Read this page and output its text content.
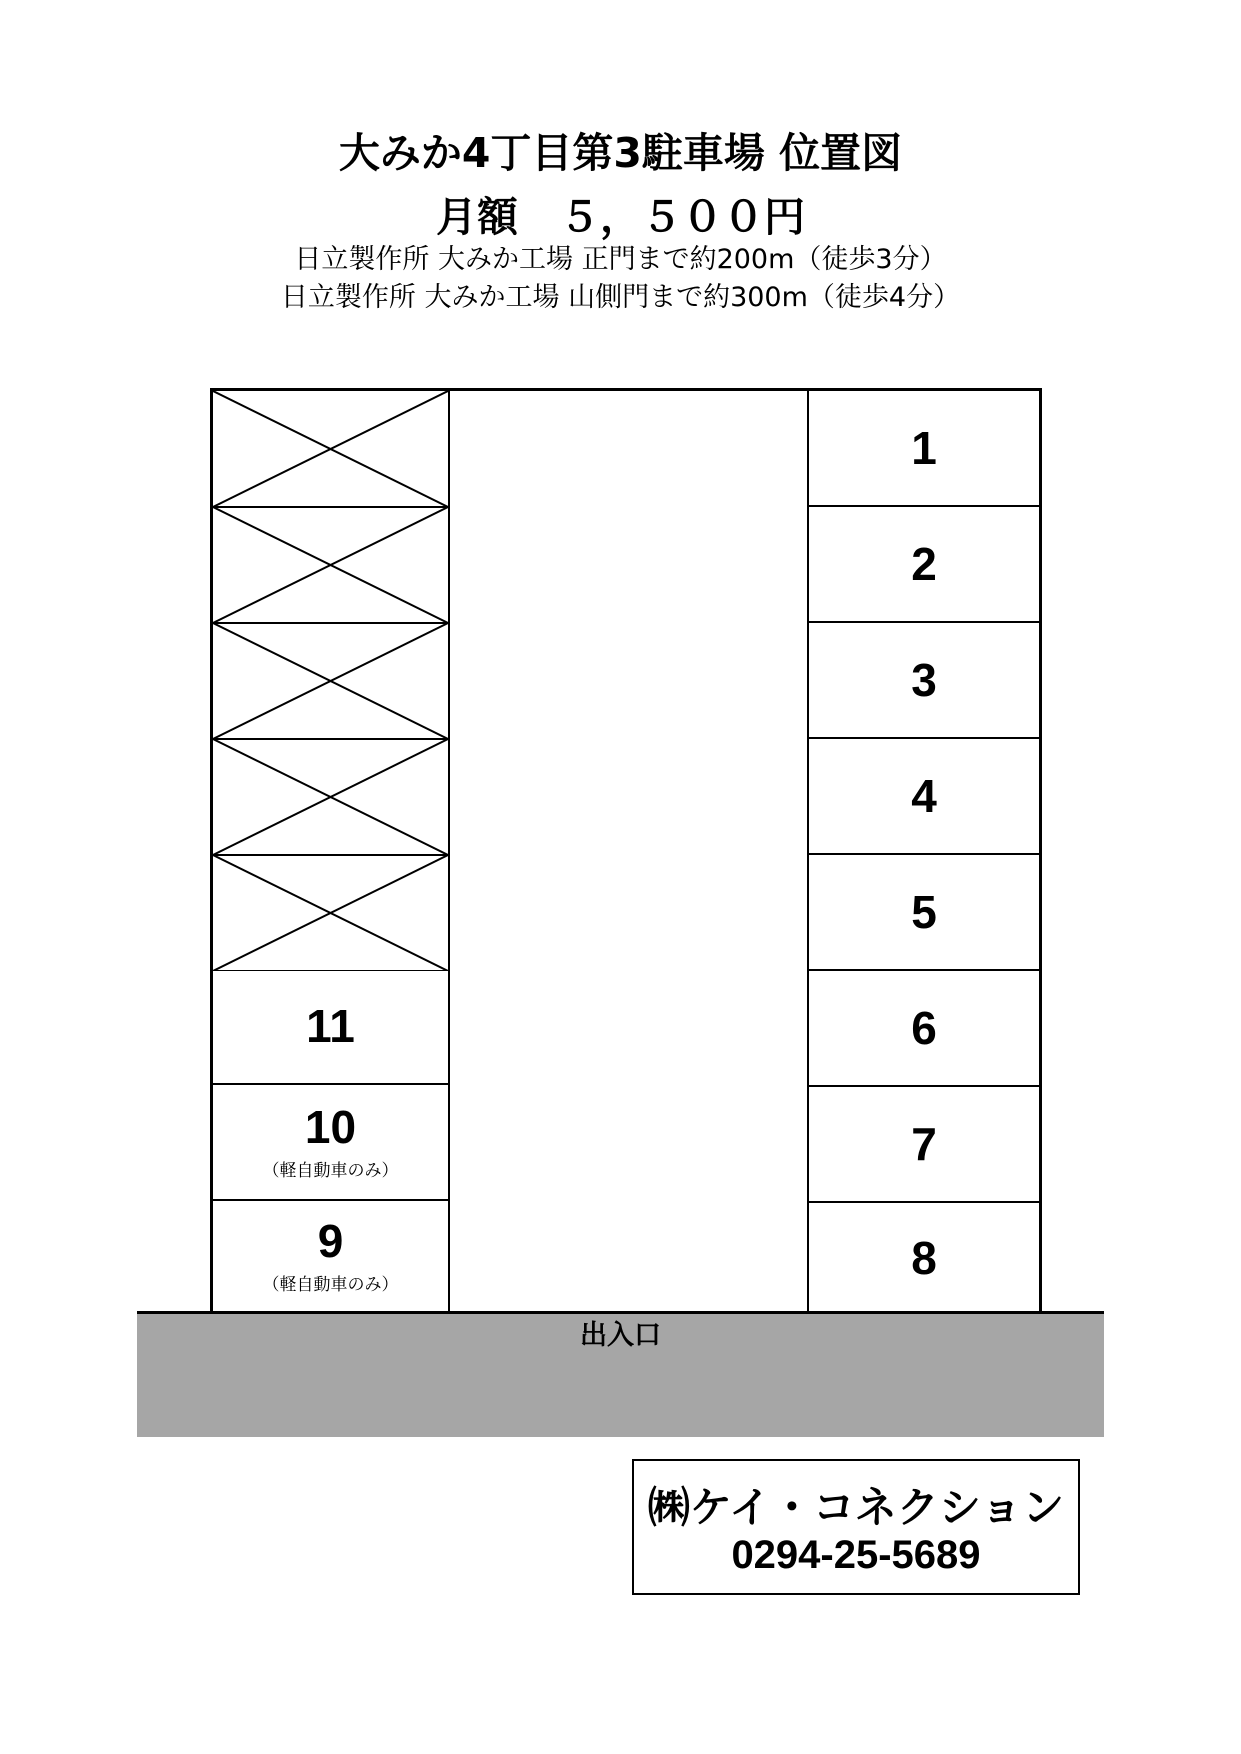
大みか4丁目第3駐車場 位置図
月額　５，５００円
日立製作所 大みか工場 正門まで約200m（徒歩3分）
日立製作所 大みか工場 山側門まで約300m（徒歩4分）
11
10
（軽自動車のみ）
9
（軽自動車のみ）
1
2
3
4
5
6
7
8
出入口
㈱ケイ・コネクション
0294-25-5689
